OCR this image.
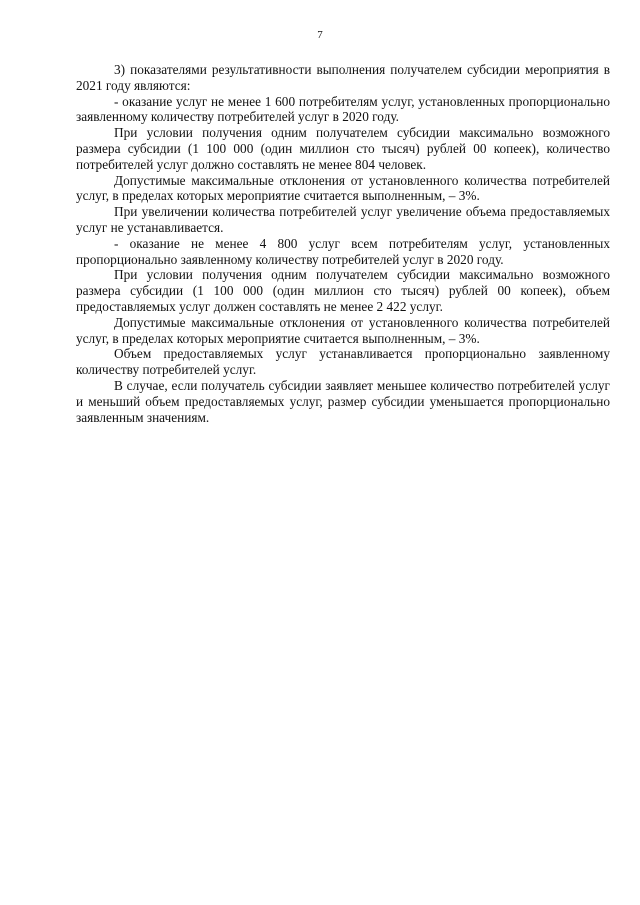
7

3) показателями результативности выполнения получателем субсидии мероприятия в 2021 году являются:

- оказание услуг не менее 1 600 потребителям услуг, установленных пропорционально заявленному количеству потребителей услуг в 2020 году.

При условии получения одним получателем субсидии максимально возможного размера субсидии (1 100 000 (один миллион сто тысяч) рублей 00 копеек), количество потребителей услуг должно составлять не менее 804 человек.

Допустимые максимальные отклонения от установленного количества потребителей услуг, в пределах которых мероприятие считается выполненным, – 3%.

При увеличении количества потребителей услуг увеличение объема предоставляемых услуг не устанавливается.

- оказание не менее 4 800 услуг всем потребителям услуг, установленных пропорционально заявленному количеству потребителей услуг в 2020 году.

При условии получения одним получателем субсидии максимально возможного размера субсидии (1 100 000 (один миллион сто тысяч) рублей 00 копеек), объем предоставляемых услуг должен составлять не менее 2 422 услуг.

Допустимые максимальные отклонения от установленного количества потребителей услуг, в пределах которых мероприятие считается выполненным, – 3%.

Объем предоставляемых услуг устанавливается пропорционально заявленному количеству потребителей услуг.

В случае, если получатель субсидии заявляет меньшее количество потребителей услуг и меньший объем предоставляемых услуг, размер субсидии уменьшается пропорционально заявленным значениям.
